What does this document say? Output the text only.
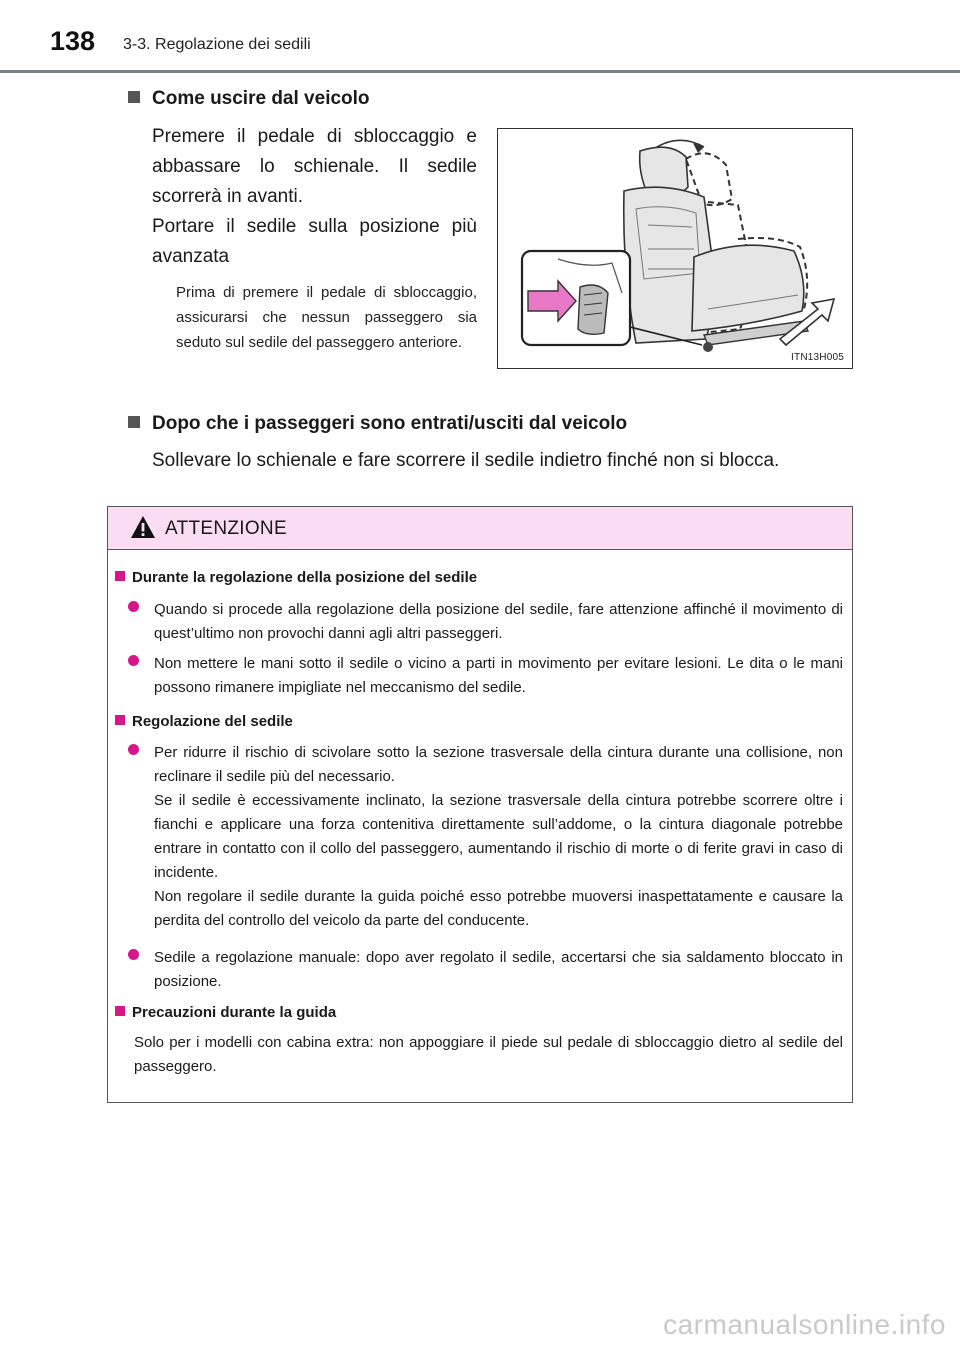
138 3-3. Regolazione dei sedili
Come uscire dal veicolo
Premere il pedale di sbloccaggio e abbassare lo schienale. Il sedile scorrerà in avanti.
Portare il sedile sulla posizione più avanzata
Prima di premere il pedale di sbloccaggio, assicurarsi che nessun passeggero sia seduto sul sedile del passeggero anteriore.
ITN13H005
Dopo che i passeggeri sono entrati/usciti dal veicolo
Sollevare lo schienale e fare scorrere il sedile indietro finché non si blocca.
ATTENZIONE
Durante la regolazione della posizione del sedile
Quando si procede alla regolazione della posizione del sedile, fare attenzione affinché il movimento di quest’ultimo non provochi danni agli altri passeggeri.
Non mettere le mani sotto il sedile o vicino a parti in movimento per evitare lesioni. Le dita o le mani possono rimanere impigliate nel meccanismo del sedile.
Regolazione del sedile
Per ridurre il rischio di scivolare sotto la sezione trasversale della cintura durante una collisione, non reclinare il sedile più del necessario.
Se il sedile è eccessivamente inclinato, la sezione trasversale della cintura potrebbe scorrere oltre i fianchi e applicare una forza contenitiva direttamente sull’addome, o la cintura diagonale potrebbe entrare in contatto con il collo del passeggero, aumentando il rischio di morte o di ferite gravi in caso di incidente.
Non regolare il sedile durante la guida poiché esso potrebbe muoversi inaspettatamente e causare la perdita del controllo del veicolo da parte del conducente.
Sedile a regolazione manuale: dopo aver regolato il sedile, accertarsi che sia saldamento bloccato in posizione.
Precauzioni durante la guida
Solo per i modelli con cabina extra: non appoggiare il piede sul pedale di sbloccaggio dietro al sedile del passeggero.
carmanualsonline.info
